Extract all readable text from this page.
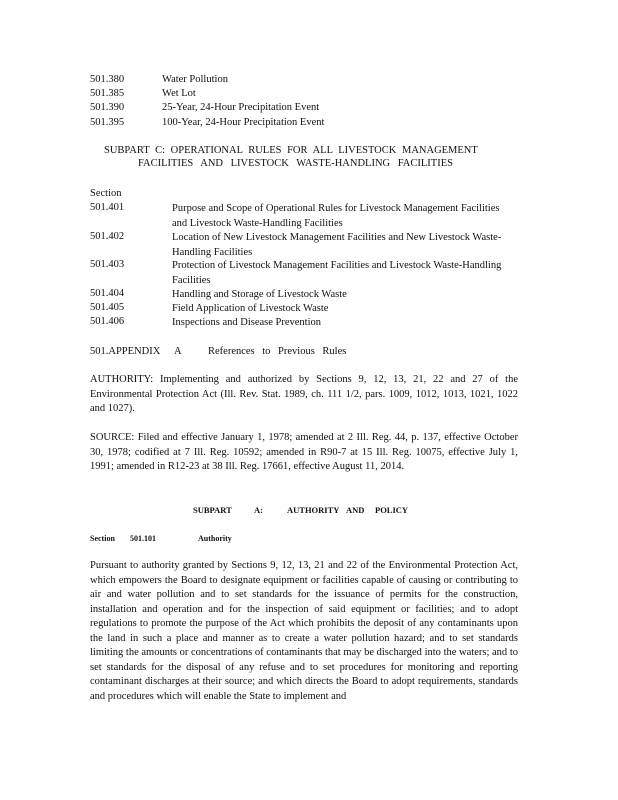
501.380	Water Pollution
501.385	Wet Lot
501.390	25-Year, 24-Hour Precipitation Event
501.395	100-Year, 24-Hour Precipitation Event
SUBPART C: OPERATIONAL RULES FOR ALL LIVESTOCK MANAGEMENT
FACILITIES AND LIVESTOCK WASTE-HANDLING FACILITIES
Section
501.401	Purpose and Scope of Operational Rules for Livestock Management Facilities and Livestock Waste-Handling Facilities
501.402	Location of New Livestock Management Facilities and New Livestock Waste-Handling Facilities
501.403	Protection of Livestock Management Facilities and Livestock Waste-Handling Facilities
501.404	Handling and Storage of Livestock Waste
501.405	Field Application of Livestock Waste
501.406	Inspections and Disease Prevention
501.APPENDIX A	References to Previous Rules
AUTHORITY: Implementing and authorized by Sections 9, 12, 13, 21, 22 and 27 of the Environmental Protection Act (Ill. Rev. Stat. 1989, ch. 111 1/2, pars. 1009, 1012, 1013, 1021, 1022 and 1027).
SOURCE: Filed and effective January 1, 1978; amended at 2 Ill. Reg. 44, p. 137, effective October 30, 1978; codified at 7 Ill. Reg. 10592; amended in R90-7 at 15 Ill. Reg. 10075, effective July 1, 1991; amended in R12-23 at 38 Ill. Reg. 17661, effective August 11, 2014.
SUBPART	A:	AUTHORITY AND POLICY
Section 501.101	Authority
Pursuant to authority granted by Sections 9, 12, 13, 21 and 22 of the Environmental Protection Act, which empowers the Board to designate equipment or facilities capable of causing or contributing to air and water pollution and to set standards for the issuance of permits for the construction, installation and operation and for the inspection of said equipment or facilities; and to adopt regulations to promote the purpose of the Act which prohibits the deposit of any contaminants upon the land in such a place and manner as to create a water pollution hazard; and to set standards limiting the amounts or concentrations of contaminants that may be discharged into the waters; and to set standards for the disposal of any refuse and to set procedures for monitoring and reporting contaminant discharges at their source; and which directs the Board to adopt requirements, standards and procedures which will enable the State to implement and
